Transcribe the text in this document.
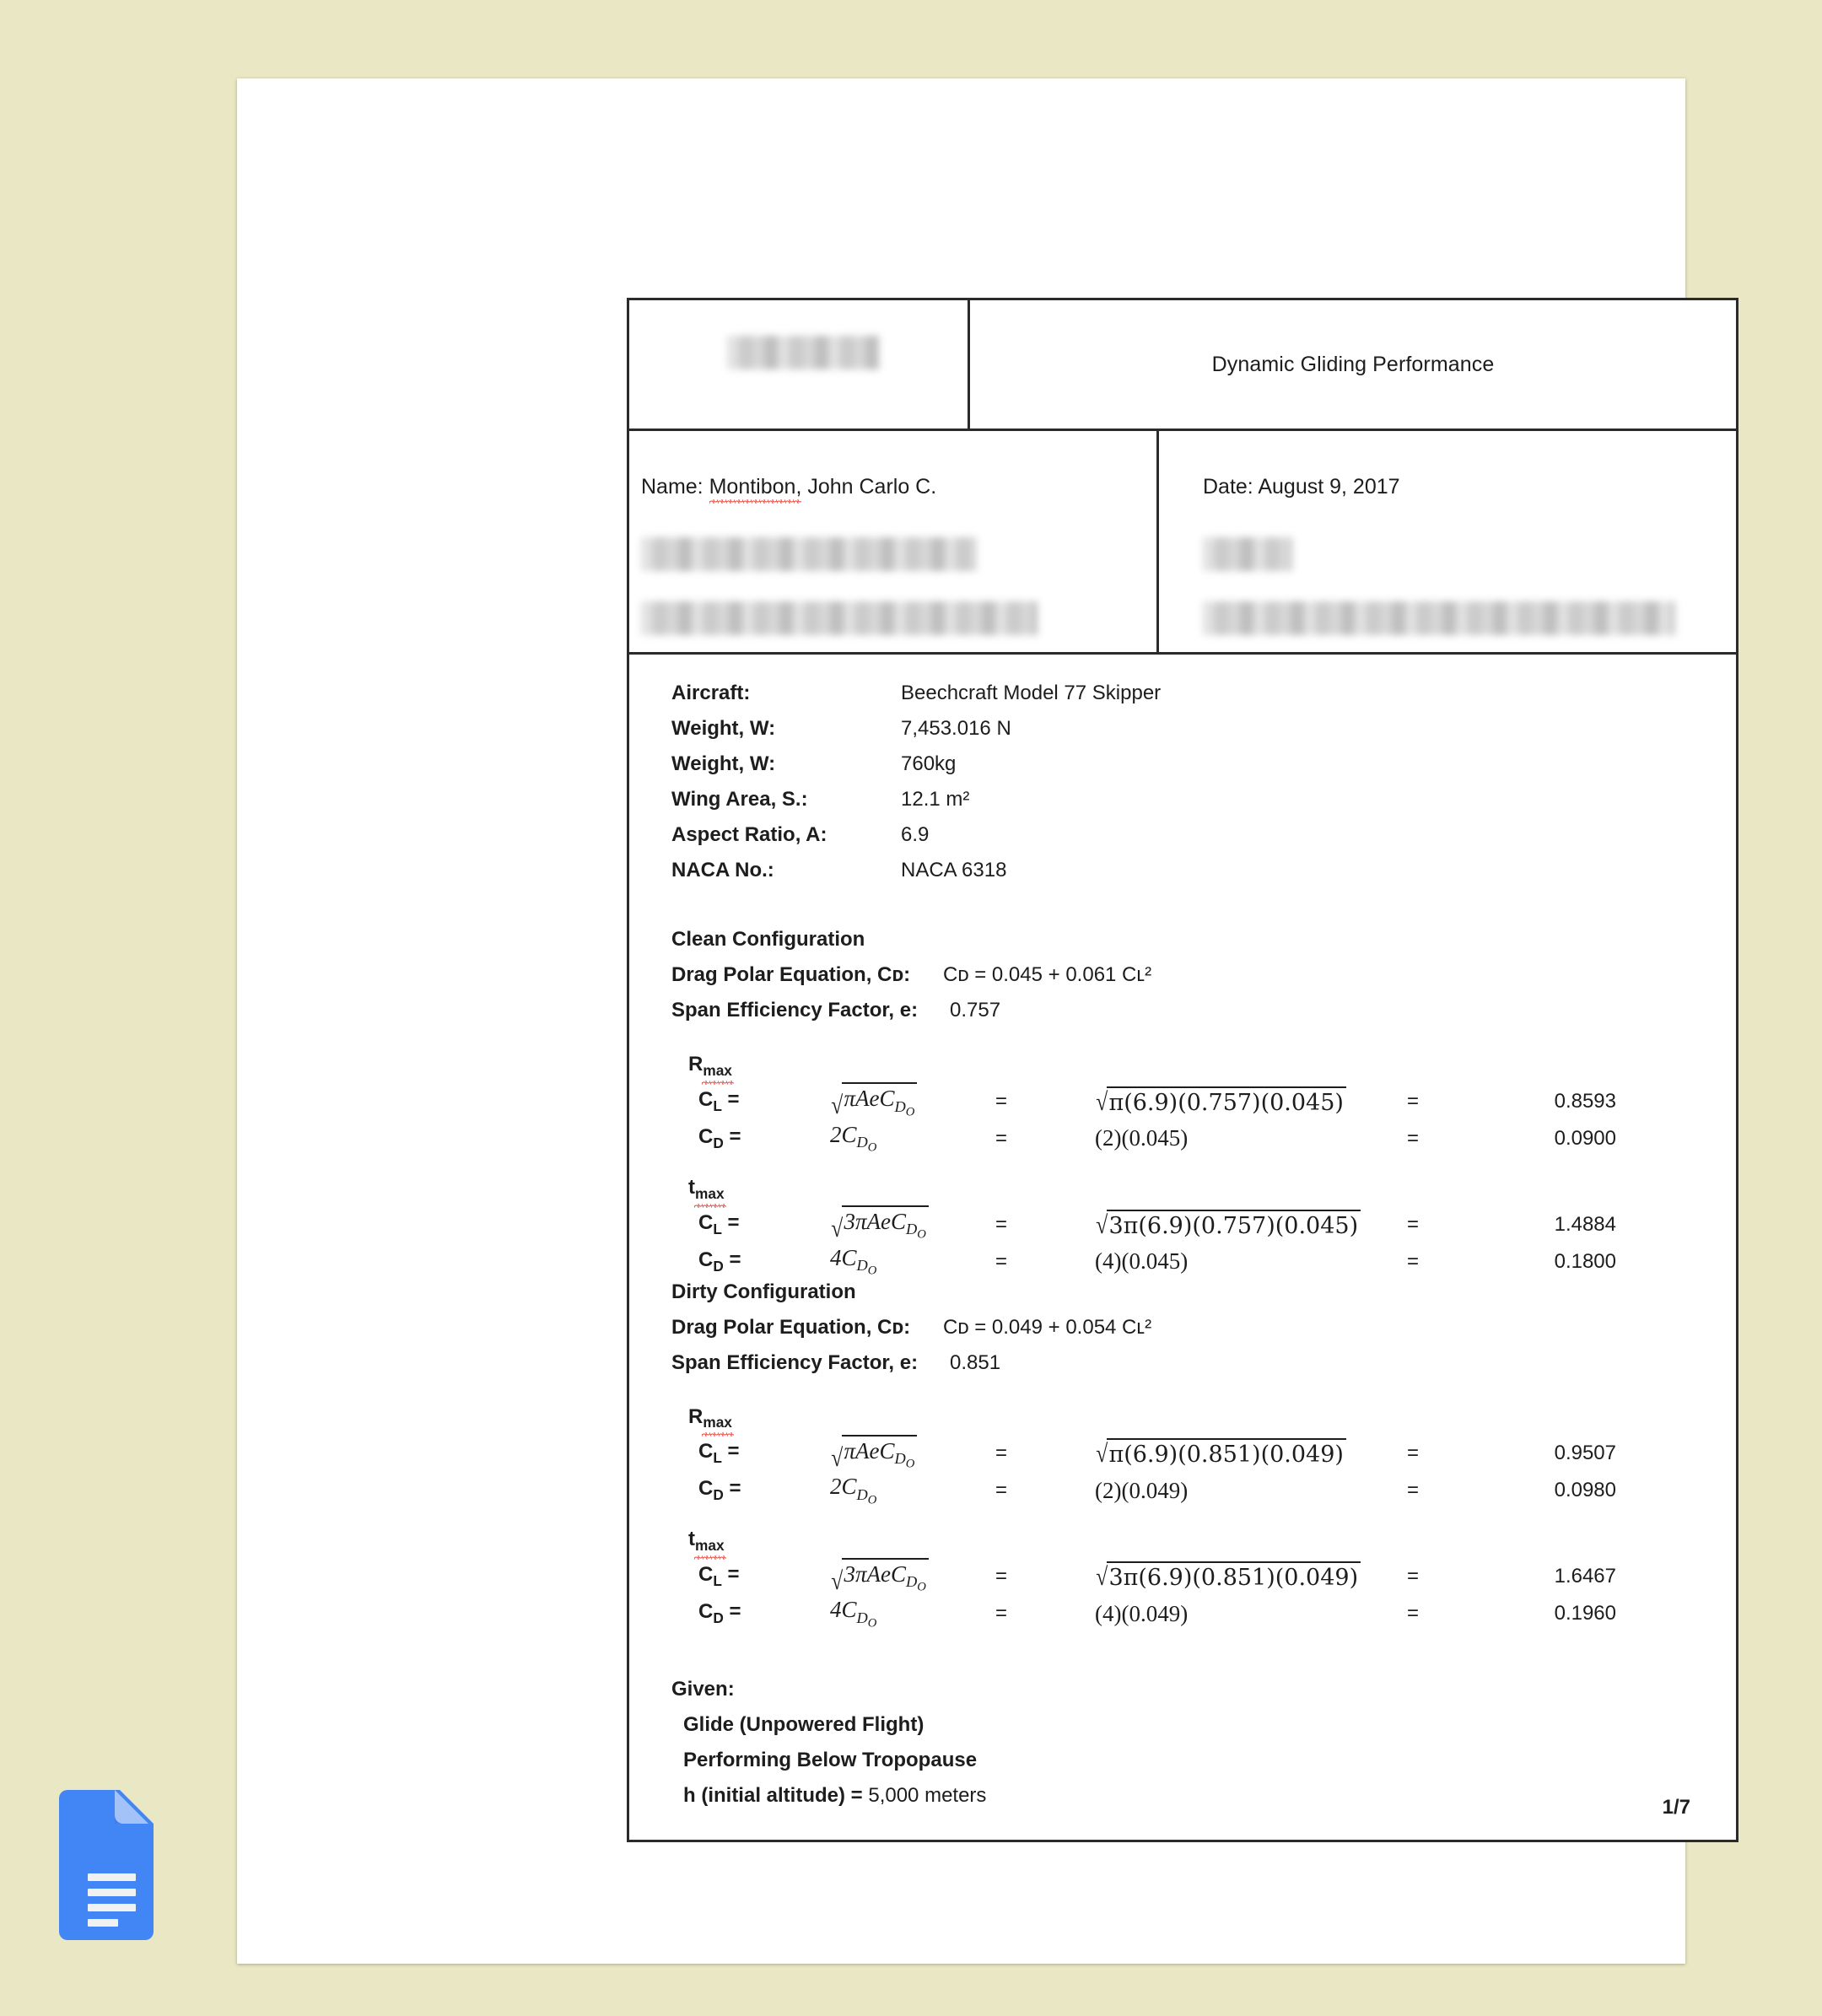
Dynamic Gliding Performance
Name: Montibon, John Carlo C.	Date: August 9, 2017
Aircraft:	Beechcraft Model 77 Skipper
Weight, W:	7,453.016 N
Weight, W:	760kg
Wing Area, S.:	12.1 m²
Aspect Ratio, A:	6.9
NACA No.:	NACA 6318
Clean Configuration
Drag Polar Equation, Cᴅ:	Cᴅ = 0.045 + 0.061 Cʟ²
Span Efficiency Factor, e:	0.757
$R_{max}$
$C_L$ =	√ πAeC$_{D_O}$	=	√ π(6.9)(0.757)(0.045)	=	0.8593
$C_D$ =	$2C_{D_O}$	=	(2)(0.045)	=	0.0900
$t_{max}$
$C_L$ =	√ 3πAeC$_{D_O}$	=	√ 3π(6.9)(0.757)(0.045) =	1.4884
$C_D$ =	$4C_{D_O}$	=	(4)(0.045)	=	0.1800
Dirty Configuration
Drag Polar Equation, Cᴅ:	Cᴅ = 0.049 + 0.054 Cʟ²
Span Efficiency Factor, e:	0.851
$R_{max}$
$C_L$ =	√ πAeC$_{D_O}$	=	√ π(6.9)(0.851)(0.049)	=	0.9507
$C_D$ =	$2C_{D_O}$	=	(2)(0.049)	=	0.0980
$t_{max}$
$C_L$ =	√ 3πAeC$_{D_O}$	=	√ 3π(6.9)(0.851)(0.049) =	1.6467
$C_D$ =	$4C_{D_O}$	=	(4)(0.049)	=	0.1960
Given:
Glide (Unpowered Flight)
Performing Below Tropopause
h (initial altitude) = 5,000 meters
1/7
